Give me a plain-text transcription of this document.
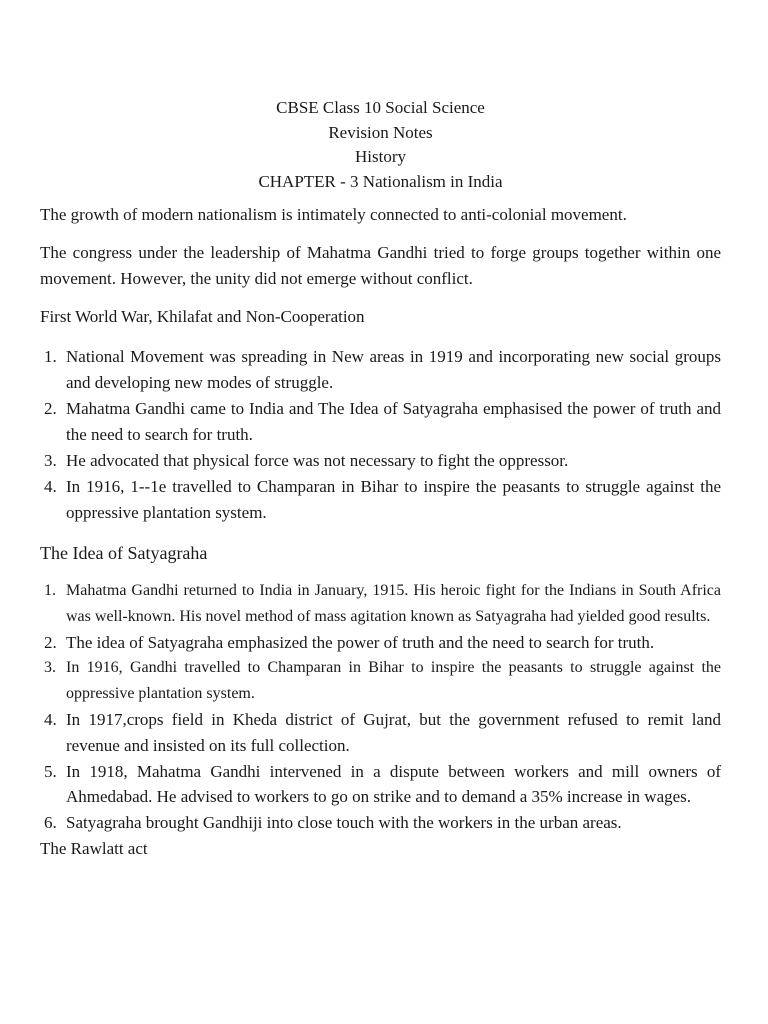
CBSE Class 10 Social Science
Revision Notes
History
CHAPTER - 3 Nationalism in India

The growth of modern nationalism is intimately connected to anti-colonial movement.

The congress under the leadership of Mahatma Gandhi tried to forge groups together within one movement. However, the unity did not emerge without conflict.

First World War, Khilafat and Non-Cooperation
1. National Movement was spreading in New areas in 1919 and incorporating new social groups and developing new modes of struggle.
2. Mahatma Gandhi came to India and The Idea of Satyagraha emphasised the power of truth and the need to search for truth.
3. He advocated that physical force was not necessary to fight the oppressor.
4. In 1916, 1--1e travelled to Champaran in Bihar to inspire the peasants to struggle against the oppressive plantation system.
The Idea of Satyagraha
1. Mahatma Gandhi returned to India in January, 1915. His heroic fight for the Indians in South Africa was well-known. His novel method of mass agitation known as Satyagraha had yielded good results.
2. The idea of Satyagraha emphasized the power of truth and the need to search for truth.
3. In 1916, Gandhi travelled to Champaran in Bihar to inspire the peasants to struggle against the oppressive plantation system.
4. In 1917,crops field in Kheda district of Gujrat, but the government refused to remit land revenue and insisted on its full collection.
5. In 1918, Mahatma Gandhi intervened in a dispute between workers and mill owners of Ahmedabad. He advised to workers to go on strike and to demand a 35% increase in wages.
6. Satyagraha brought Gandhiji into close touch with the workers in the urban areas.
The Rawlatt act
